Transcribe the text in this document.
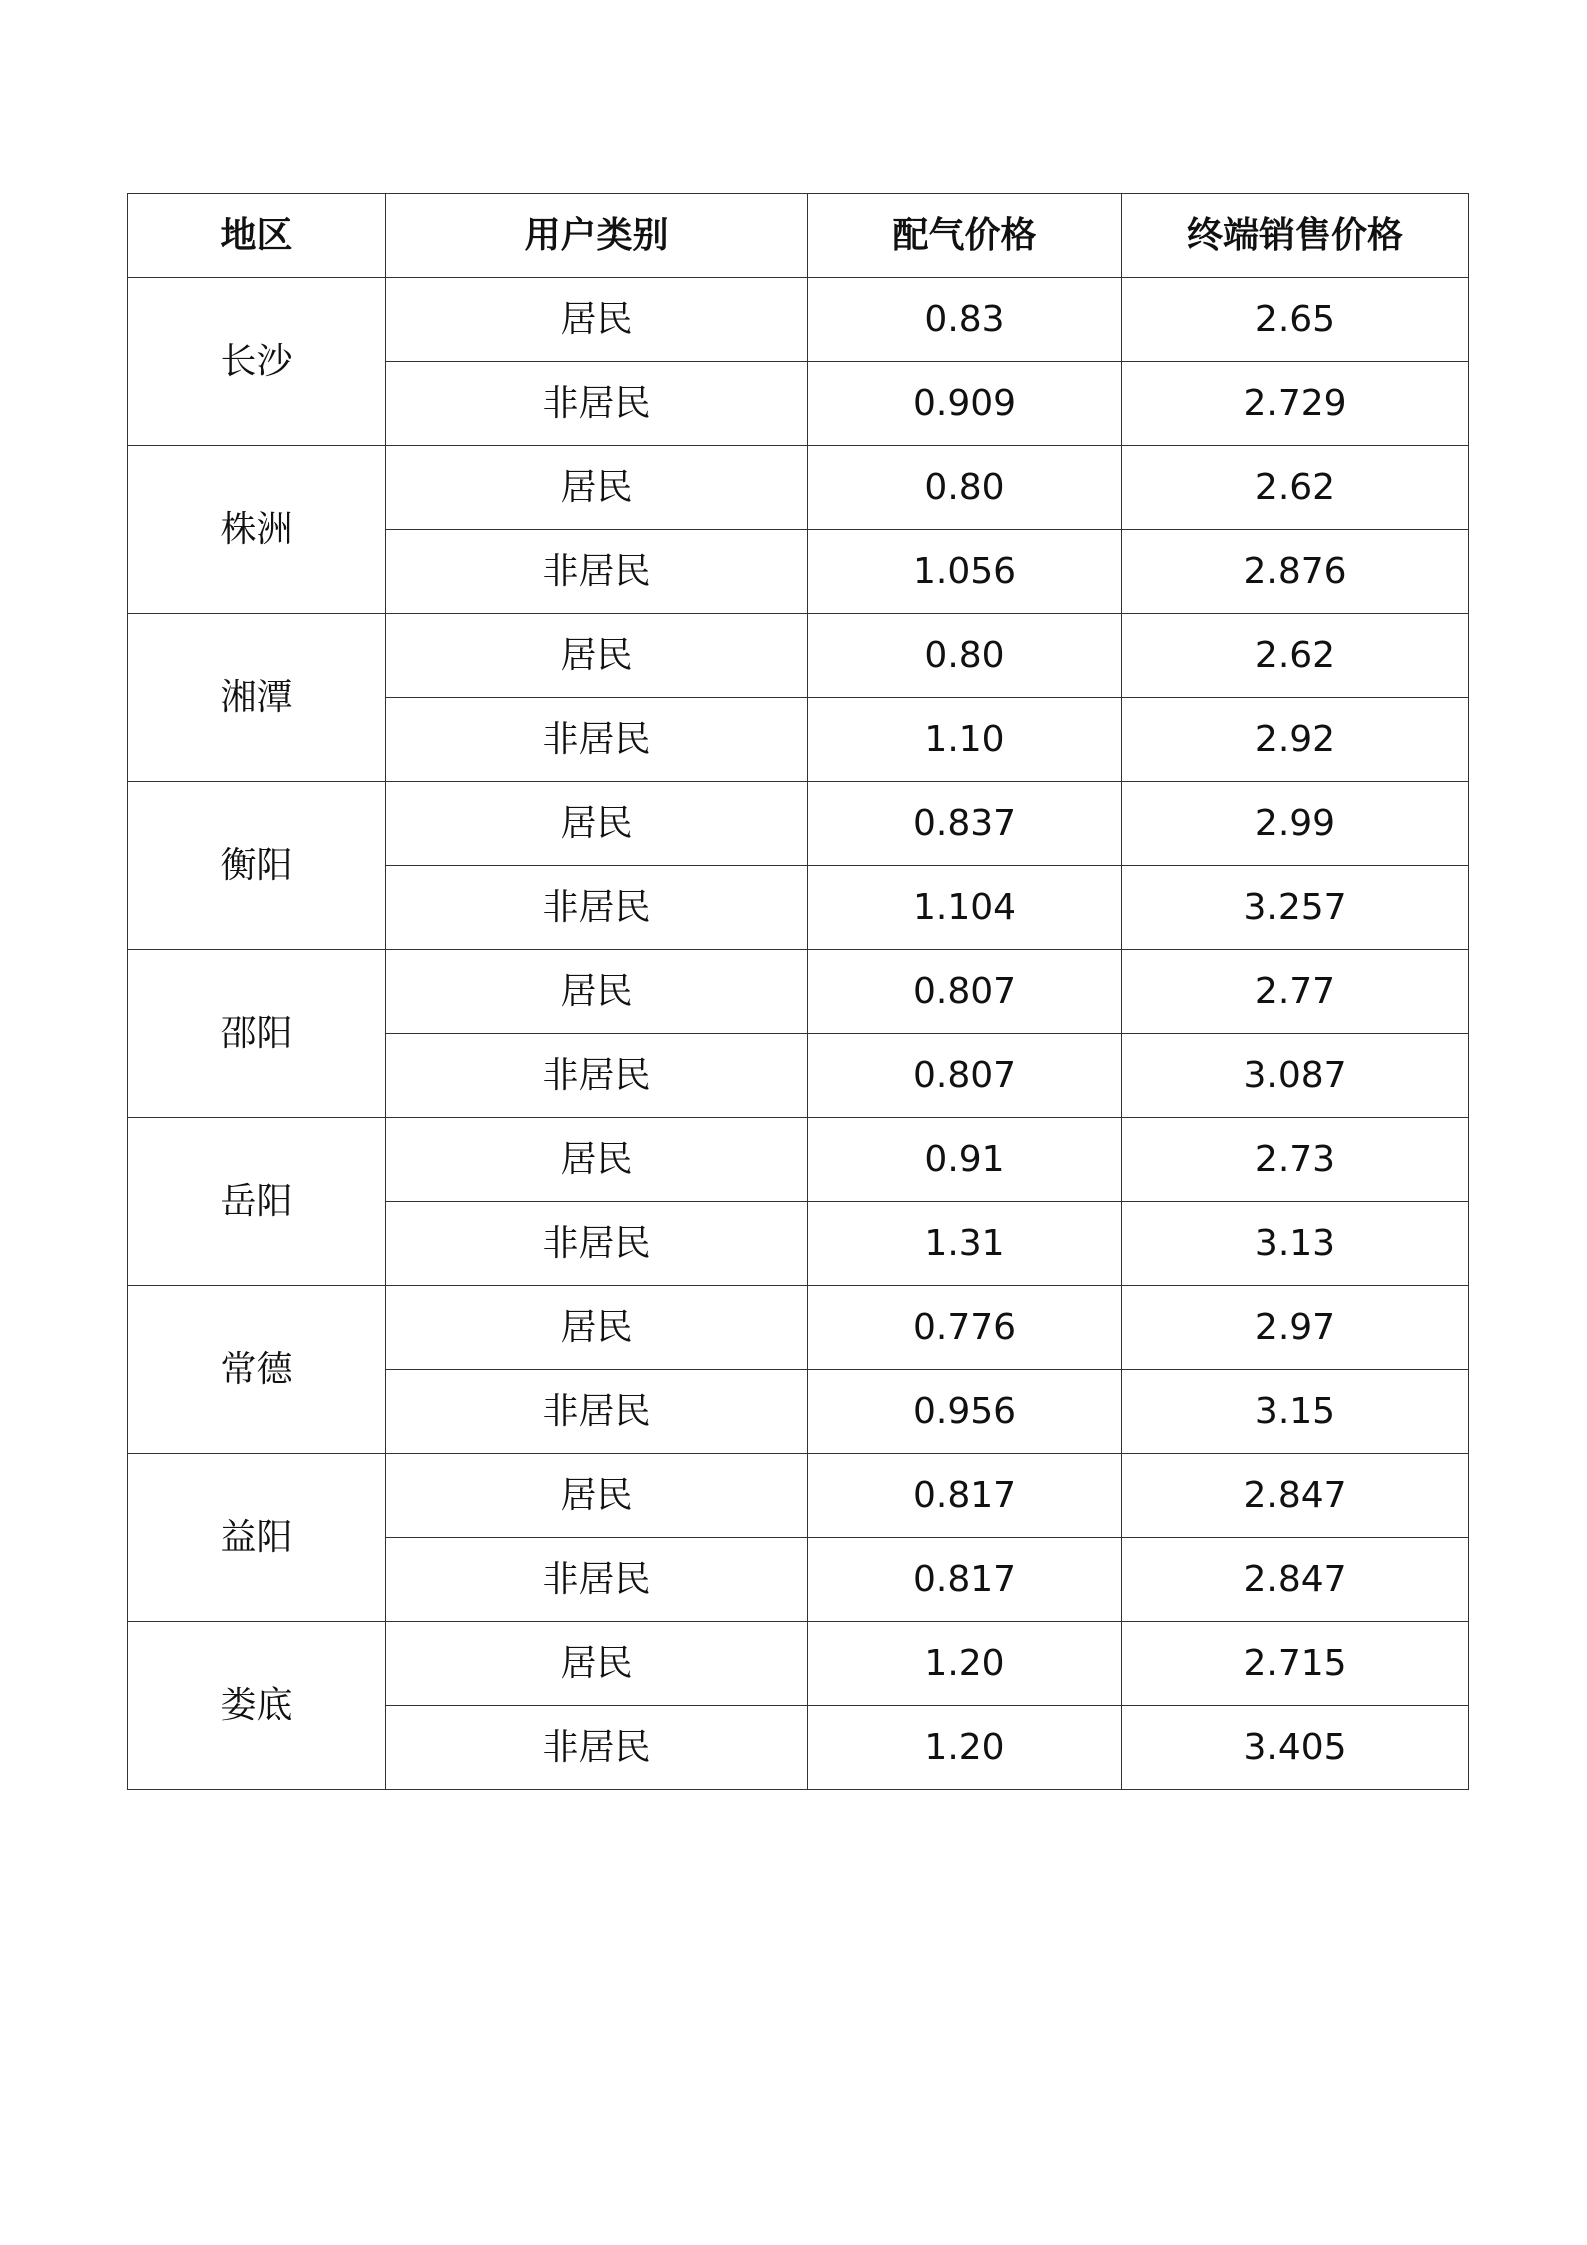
地区	用户类别	配气价格	终端销售价格
长沙	居民	0.83	2.65
	非居民	0.909	2.729
株洲	居民	0.80	2.62
	非居民	1.056	2.876
湘潭	居民	0.80	2.62
	非居民	1.10	2.92
衡阳	居民	0.837	2.99
	非居民	1.104	3.257
邵阳	居民	0.807	2.77
	非居民	0.807	3.087
岳阳	居民	0.91	2.73
	非居民	1.31	3.13
常德	居民	0.776	2.97
	非居民	0.956	3.15
益阳	居民	0.817	2.847
	非居民	0.817	2.847
娄底	居民	1.20	2.715
	非居民	1.20	3.405
